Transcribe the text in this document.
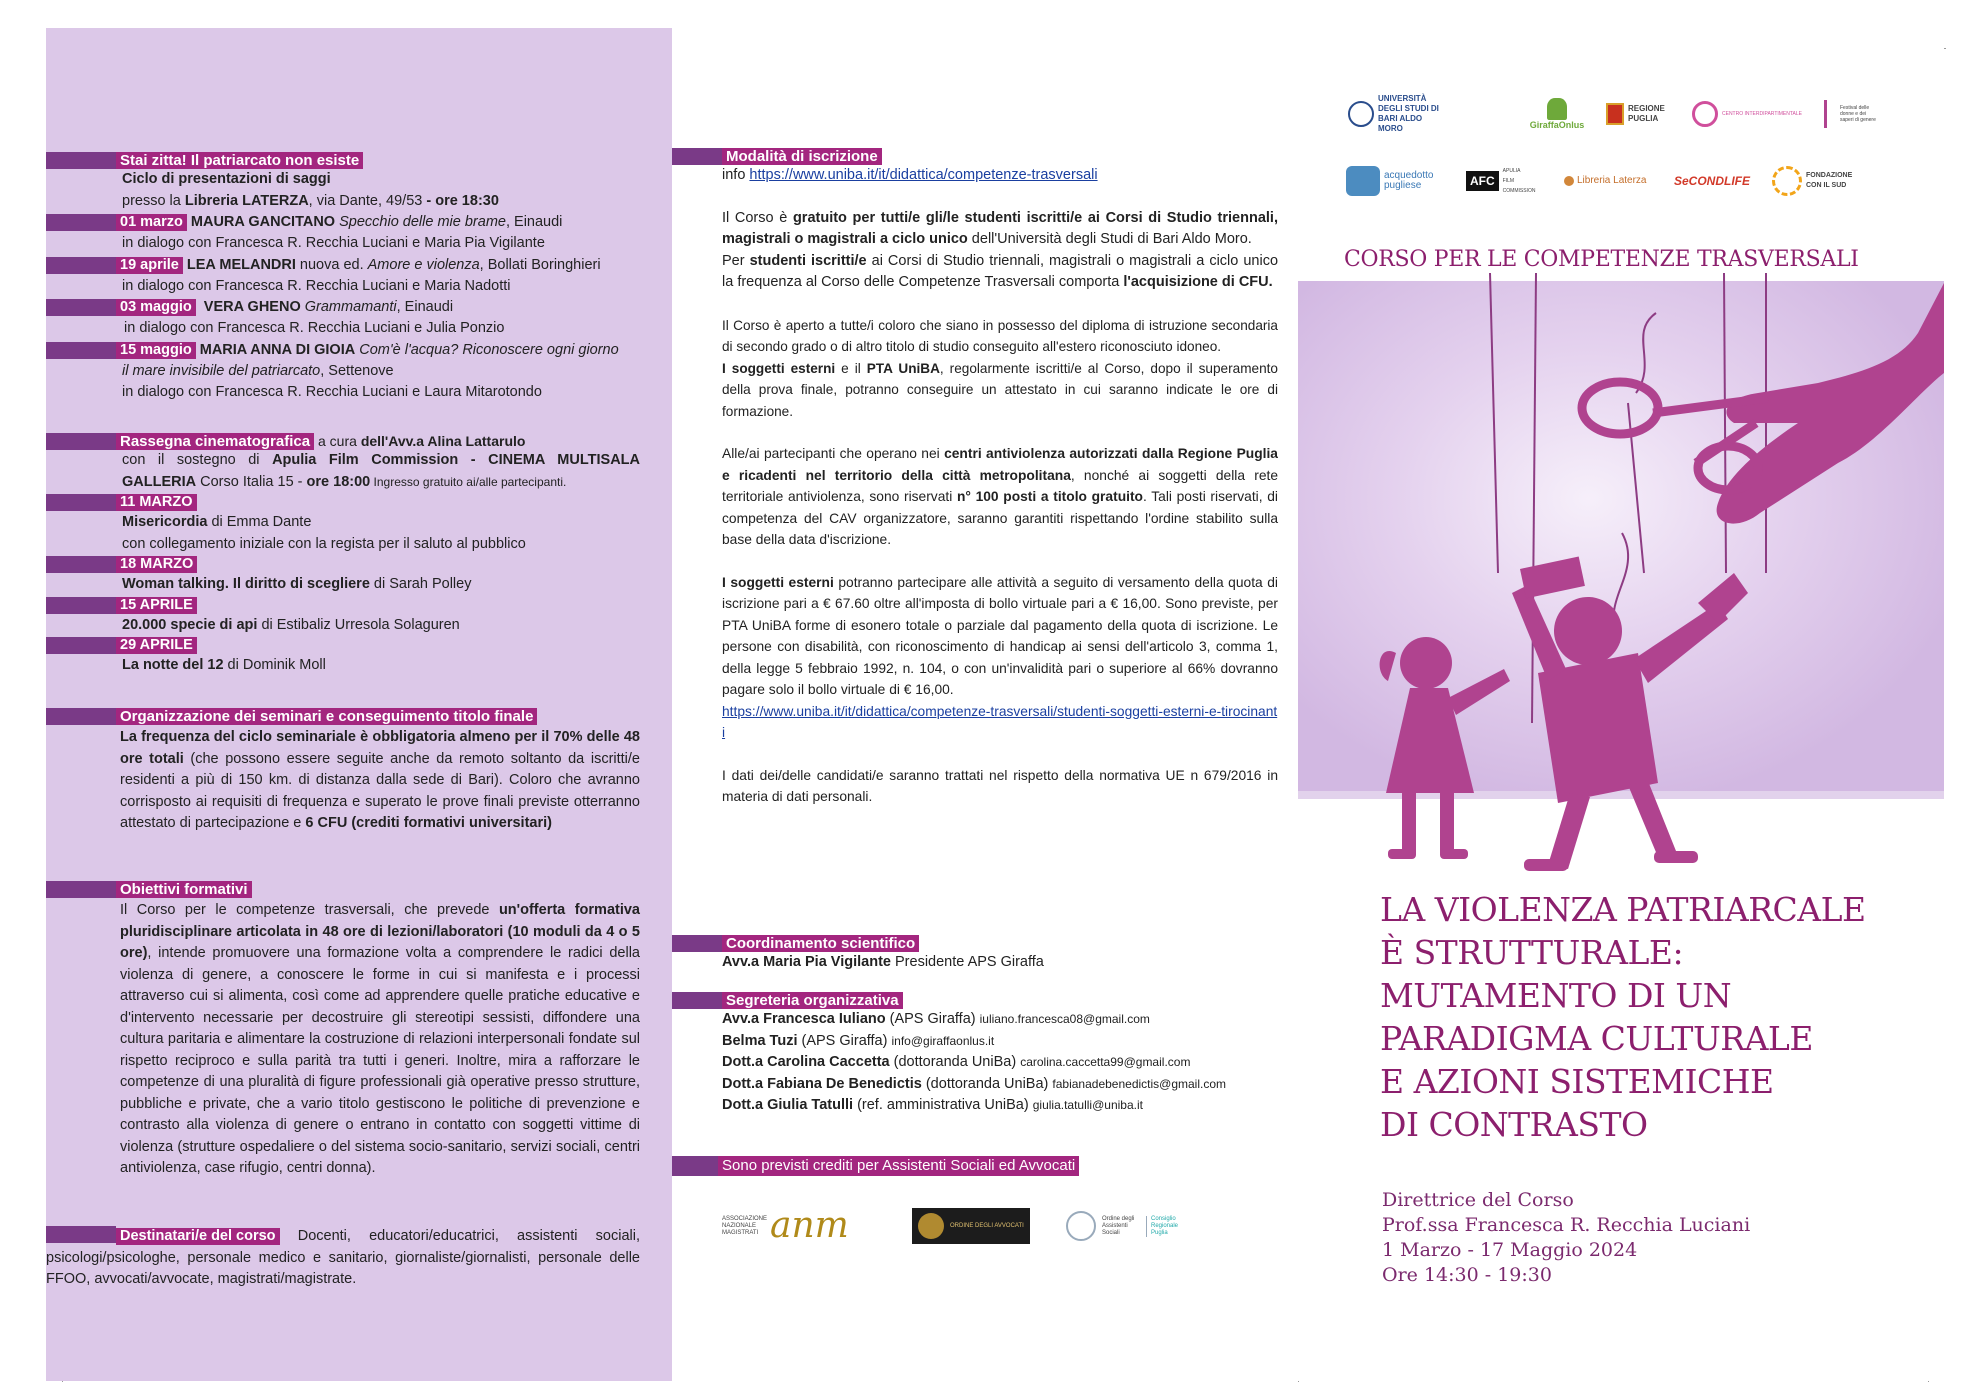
Stai zitta! Il patriarcato non esiste
Ciclo di presentazioni di saggi
presso la Libreria LATERZA, via Dante, 49/53 - ore 18:30
01 marzo MAURA GANCITANO Specchio delle mie brame, Einaudi
in dialogo con Francesca R. Recchia Luciani e Maria Pia Vigilante
19 aprile LEA MELANDRI nuova ed. Amore e violenza, Bollati Boringhieri
in dialogo con Francesca R. Recchia Luciani e Maria Nadotti
03 maggio VERA GHENO Grammamanti, Einaudi
in dialogo con Francesca R. Recchia Luciani e Julia Ponzio
15 maggio MARIA ANNA DI GIOIA Com'è l'acqua? Riconoscere ogni giorno
il mare invisibile del patriarcato, Settenove
in dialogo con Francesca R. Recchia Luciani e Laura Mitarotondo
Rassegna cinematografica a cura dell'Avv.a Alina Lattarulo
con il sostegno di Apulia Film Commission - CINEMA MULTISALA
GALLERIA Corso Italia 15 - ore 18:00 Ingresso gratuito ai/alle partecipanti.
11 MARZO
Misericordia di Emma Dante
con collegamento iniziale con la regista per il saluto al pubblico
18 MARZO
Woman talking. Il diritto di scegliere di Sarah Polley
15 APRILE
20.000 specie di api di Estibaliz Urresola Solaguren
29 APRILE
La notte del 12 di Dominik Moll
Organizzazione dei seminari e conseguimento titolo finale
La frequenza del ciclo seminariale è obbligatoria almeno per il 70% delle 48 ore totali (che possono essere seguite anche da remoto soltanto da iscritti/e residenti a più di 150 km. di distanza dalla sede di Bari). Coloro che avranno corrisposto ai requisiti di frequenza e superato le prove finali previste otterranno attestato di partecipazione e 6 CFU (crediti formativi universitari)
Obiettivi formativi
Il Corso per le competenze trasversali, che prevede un'offerta formativa pluridisciplinare articolata in 48 ore di lezioni/laboratori (10 moduli da 4 o 5 ore), intende promuovere una formazione volta a comprendere le radici della violenza di genere, a conoscere le forme in cui si manifesta e i processi attraverso cui si alimenta, così come ad apprendere quelle pratiche educative e d'intervento necessarie per decostruire gli stereotipi sessisti, diffondere una cultura paritaria e alimentare la costruzione di relazioni interpersonali fondate sul rispetto reciproco e sulla parità tra tutti i generi. Inoltre, mira a rafforzare le competenze di una pluralità di figure professionali già operative presso strutture, pubbliche e private, che a vario titolo gestiscono le politiche di prevenzione e contrasto alla violenza di genere o entrano in contatto con soggetti vittime di violenza (strutture ospedaliere o del sistema socio-sanitario, servizi sociali, centri antiviolenza, case rifugio, centri donna).
Destinatari/e del corso Docenti, educatori/educatrici, assistenti sociali, psicologi/psicologhe, personale medico e sanitario, giornaliste/giornalisti, personale delle FFOO, avvocati/avvocate, magistrati/magistrate.
Modalità di iscrizione
info https://www.uniba.it/it/didattica/competenze-trasversali

Il Corso è gratuito per tutti/e gli/le studenti iscritti/e ai Corsi di Studio triennali, magistrali o magistrali a ciclo unico dell'Università degli Studi di Bari Aldo Moro.

Per studenti iscritti/e ai Corsi di Studio triennali, magistrali o magistrali a ciclo unico la frequenza al Corso delle Competenze Trasversali comporta l'acquisizione di CFU.

Il Corso è aperto a tutte/i coloro che siano in possesso del diploma di istruzione secondaria di secondo grado o di altro titolo di studio conseguito all'estero riconosciuto idoneo.

I soggetti esterni e il PTA UniBA, regolarmente iscritti/e al Corso, dopo il superamento della prova finale, potranno conseguire un attestato in cui saranno indicate le ore di formazione.

Alle/ai partecipanti che operano nei centri antiviolenza autorizzati dalla Regione Puglia e ricadenti nel territorio della città metropolitana, nonché ai soggetti della rete territoriale antiviolenza, sono riservati n° 100 posti a titolo gratuito. Tali posti riservati, di competenza del CAV organizzatore, saranno garantiti rispettando l'ordine stabilito sulla base della data d'iscrizione.

I soggetti esterni potranno partecipare alle attività a seguito di versamento della quota di iscrizione pari a € 67.60 oltre all'imposta di bollo virtuale pari a € 16,00. Sono previste, per PTA UniBA forme di esonero totale o parziale dal pagamento della quota di iscrizione. Le persone con disabilità, con riconoscimento di handicap ai sensi dell'articolo 3, comma 1, della legge 5 febbraio 1992, n. 104, o con un'invalidità pari o superiore al 66% dovranno pagare solo il bollo virtuale di € 16,00.
https://www.uniba.it/it/didattica/competenze-trasversali/studenti-soggetti-esterni-e-tirocinanti

I dati dei/delle candidati/e saranno trattati nel rispetto della normativa UE n 679/2016 in materia di dati personali.

Coordinamento scientifico
Avv.a Maria Pia Vigilante Presidente APS Giraffa
Segreteria organizzativa
Avv.a Francesca Iuliano (APS Giraffa) iuliano.francesca08@gmail.com
Belma Tuzi (APS Giraffa) info@giraffaonlus.it
Dott.a Carolina Caccetta (dottoranda UniBa) carolina.caccetta99@gmail.com
Dott.a Fabiana De Benedictis (dottoranda UniBa) fabianadebenedictis@gmail.com
Dott.a Giulia Tatulli (ref. amministrativa UniBa) giulia.tatulli@uniba.it
Sono previsti crediti per Assistenti Sociali ed Avvocati
ASSOCIAZIONE NAZIONALE MAGISTRATI anm	ORDINE DEGLI AVVOCATI
Ordine degli Assistenti Sociali
Consiglio Regionale Puglia
UNIVERSITÀ DEGLI STUDI DI BARI ALDO MORO	GiraffaOnlus
REGIONE PUGLIA	CENTRO INTERDIPARTIMENTALE
Festival delle donne e dei saperi di genere
acquedotto pugliese	AFC
APULIA FILM COMMISSION
Libreria Laterza SeCONDLIFE	FONDAZIONE CON IL SUD
CORSO PER LE COMPETENZE TRASVERSALI
LA VIOLENZA PATRIARCALE
È STRUTTURALE:
MUTAMENTO DI UN
PARADIGMA CULTURALE
E AZIONI SISTEMICHE
DI CONTRASTO
Direttrice del Corso
Prof.ssa Francesca R. Recchia Luciani
1 Marzo - 17 Maggio 2024
Ore 14:30 - 19:30
